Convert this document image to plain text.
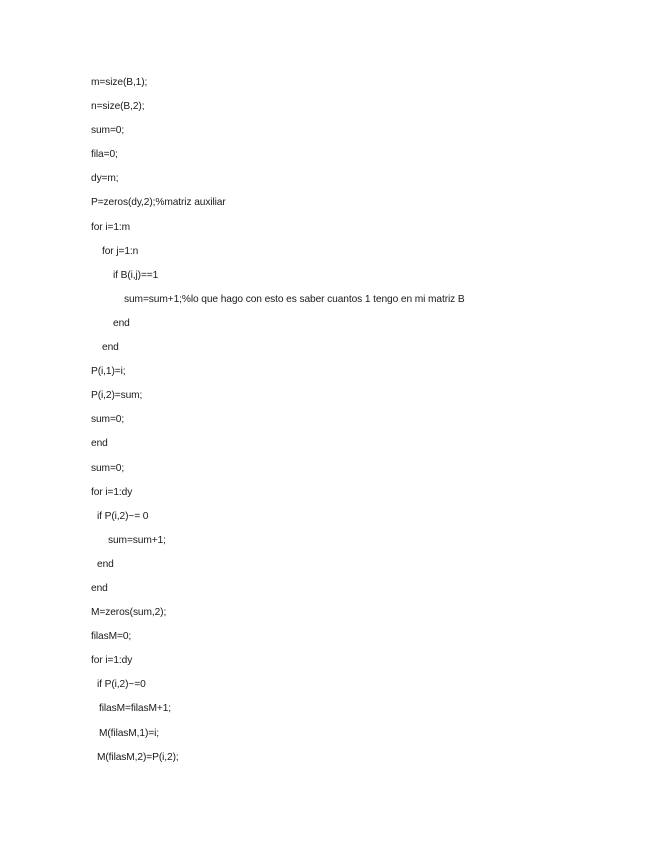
m=size(B,1);
n=size(B,2);
sum=0;
fila=0;
dy=m;
P=zeros(dy,2);%matriz auxiliar
for i=1:m
for j=1:n
if B(i,j)==1
sum=sum+1;%lo que hago con esto es saber cuantos 1 tengo en mi matriz B
end
end
P(i,1)=i;
P(i,2)=sum;
sum=0;
end
sum=0;
for i=1:dy
if P(i,2)~= 0
sum=sum+1;
end
end
M=zeros(sum,2);
filasM=0;
for i=1:dy
if P(i,2)~=0
filasM=filasM+1;
M(filasM,1)=i;
M(filasM,2)=P(i,2);
